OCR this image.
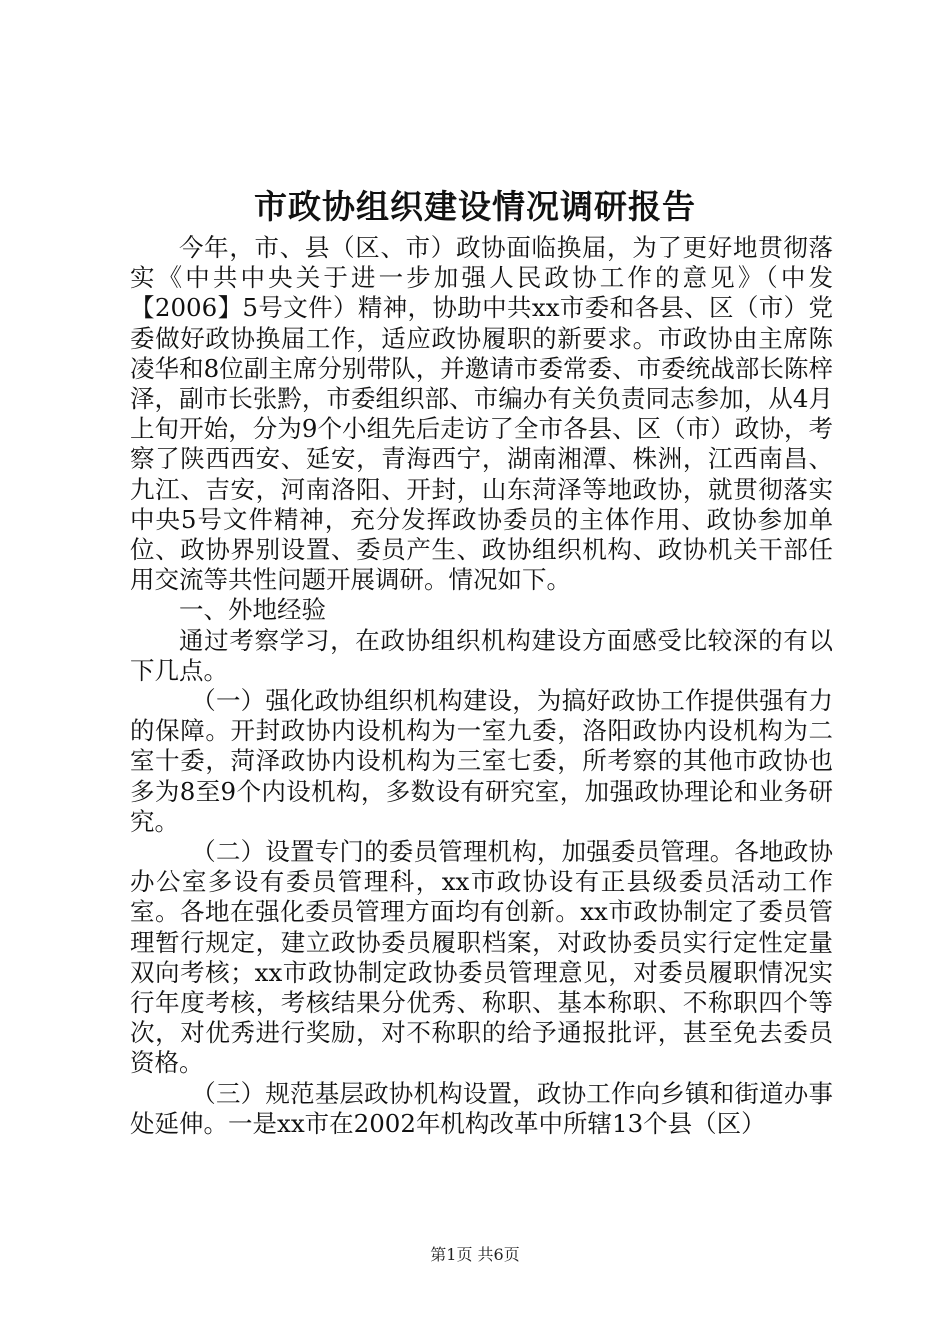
市政协组织建设情况调研报告

今年，市、县（区、市）政协面临换届，为了更好地贯彻落实《中共中央关于进一步加强人民政协工作的意见》（中发【2006】5号文件）精神，协助中共xx市委和各县、区（市）党委做好政协换届工作，适应政协履职的新要求。市政协由主席陈凌华和8位副主席分别带队，并邀请市委常委、市委统战部长陈梓泽，副市长张黔，市委组织部、市编办有关负责同志参加，从4月上旬开始，分为9个小组先后走访了全市各县、区（市）政协，考察了陕西西安、延安，青海西宁，湖南湘潭、株洲，江西南昌、九江、吉安，河南洛阳、开封，山东菏泽等地政协，就贯彻落实中央5号文件精神，充分发挥政协委员的主体作用、政协参加单位、政协界别设置、委员产生、政协组织机构、政协机关干部任用交流等共性问题开展调研。情况如下。

一、外地经验

通过考察学习，在政协组织机构建设方面感受比较深的有以下几点。

（一）强化政协组织机构建设，为搞好政协工作提供强有力的保障。开封政协内设机构为一室九委，洛阳政协内设机构为二室十委，菏泽政协内设机构为三室七委，所考察的其他市政协也多为8至9个内设机构，多数设有研究室，加强政协理论和业务研究。

（二）设置专门的委员管理机构，加强委员管理。各地政协办公室多设有委员管理科，xx市政协设有正县级委员活动工作室。各地在强化委员管理方面均有创新。xx市政协制定了委员管理暂行规定，建立政协委员履职档案，对政协委员实行定性定量双向考核；xx市政协制定政协委员管理意见，对委员履职情况实行年度考核，考核结果分优秀、称职、基本称职、不称职四个等次，对优秀进行奖励，对不称职的给予通报批评，甚至免去委员资格。

（三）规范基层政协机构设置，政协工作向乡镇和街道办事处延伸。一是xx市在2002年机构改革中所辖13个县（区）

第1页 共6页
